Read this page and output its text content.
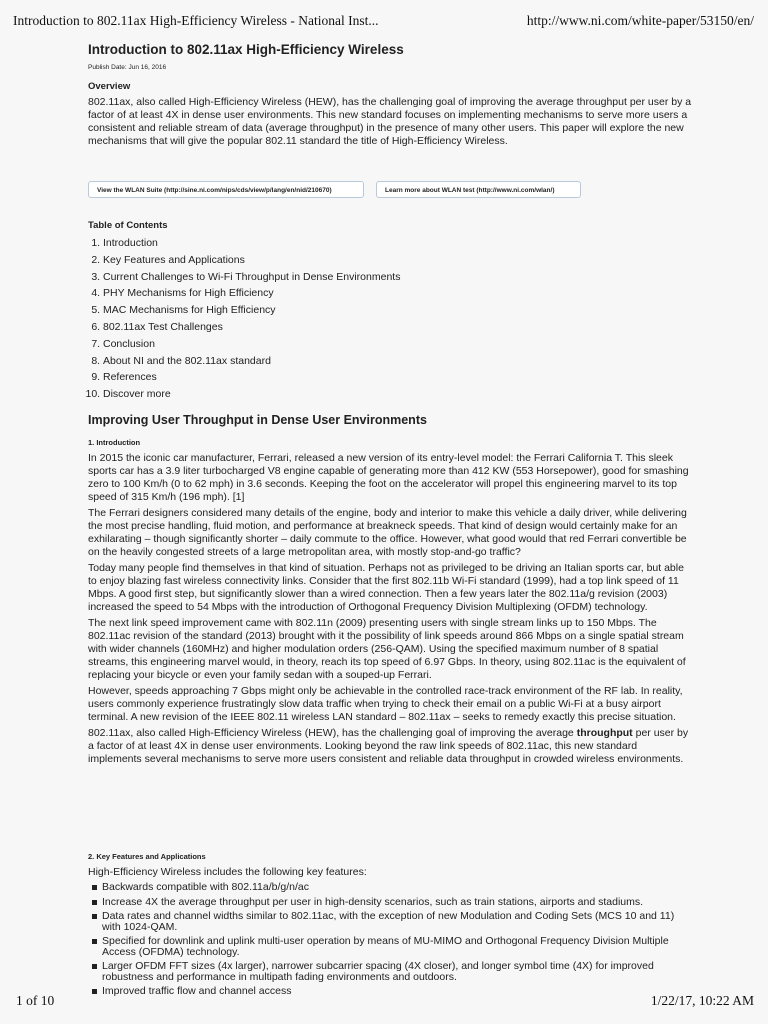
Introduction to 802.11ax High-Efficiency Wireless - National Inst...	http://www.ni.com/white-paper/53150/en/
Introduction to 802.11ax High-Efficiency Wireless
Publish Date: Jun 16, 2016
Overview

802.11ax, also called High-Efficiency Wireless (HEW), has the challenging goal of improving the average throughput per user by a factor of at least 4X in dense user environments. This new standard focuses on implementing mechanisms to serve more users a consistent and reliable stream of data (average throughput) in the presence of many other users. This paper will explore the new mechanisms that will give the popular 802.11 standard the title of High-Efficiency Wireless.

View the WLAN Suite (http://sine.ni.com/nips/cds/view/p/lang/en/nid/210670)	Learn more about WLAN test (http://www.ni.com/wlan/)
Table of Contents
1. Introduction
2. Key Features and Applications
3. Current Challenges to Wi-Fi Throughput in Dense Environments
4. PHY Mechanisms for High Efficiency
5. MAC Mechanisms for High Efficiency
6. 802.11ax Test Challenges
7. Conclusion
8. About NI and the 802.11ax standard
9. References
10. Discover more
Improving User Throughput in Dense User Environments
1. Introduction

In 2015 the iconic car manufacturer, Ferrari, released a new version of its entry-level model: the Ferrari California T. This sleek sports car has a 3.9 liter turbocharged V8 engine capable of generating more than 412 KW (553 Horsepower), good for smashing zero to 100 Km/h (0 to 62 mph) in 3.6 seconds. Keeping the foot on the accelerator will propel this engineering marvel to its top speed of 315 Km/h (196 mph). [1]

The Ferrari designers considered many details of the engine, body and interior to make this vehicle a daily driver, while delivering the most precise handling, fluid motion, and performance at breakneck speeds. That kind of design would certainly make for an exhilarating – though significantly shorter – daily commute to the office. However, what good would that red Ferrari convertible be on the heavily congested streets of a large metropolitan area, with mostly stop-and-go traffic?

Today many people find themselves in that kind of situation. Perhaps not as privileged to be driving an Italian sports car, but able to enjoy blazing fast wireless connectivity links. Consider that the first 802.11b Wi-Fi standard (1999), had a top link speed of 11 Mbps. A good first step, but significantly slower than a wired connection. Then a few years later the 802.11a/g revision (2003) increased the speed to 54 Mbps with the introduction of Orthogonal Frequency Division Multiplexing (OFDM) technology.

The next link speed improvement came with 802.11n (2009) presenting users with single stream links up to 150 Mbps. The 802.11ac revision of the standard (2013) brought with it the possibility of link speeds around 866 Mbps on a single spatial stream with wider channels (160MHz) and higher modulation orders (256-QAM). Using the specified maximum number of 8 spatial streams, this engineering marvel would, in theory, reach its top speed of 6.97 Gbps. In theory, using 802.11ac is the equivalent of replacing your bicycle or even your family sedan with a souped-up Ferrari.

However, speeds approaching 7 Gbps might only be achievable in the controlled race-track environment of the RF lab. In reality, users commonly experience frustratingly slow data traffic when trying to check their email on a public Wi-Fi at a busy airport terminal. A new revision of the IEEE 802.11 wireless LAN standard – 802.11ax – seeks to remedy exactly this precise situation.

802.11ax, also called High-Efficiency Wireless (HEW), has the challenging goal of improving the average throughput per user by a factor of at least 4X in dense user environments. Looking beyond the raw link speeds of 802.11ac, this new standard implements several mechanisms to serve more users consistent and reliable data throughput in crowded wireless environments.

2. Key Features and Applications

High-Efficiency Wireless includes the following key features:

Backwards compatible with 802.11a/b/g/n/ac
Increase 4X the average throughput per user in high-density scenarios, such as train stations, airports and stadiums.
Data rates and channel widths similar to 802.11ac, with the exception of new Modulation and Coding Sets (MCS 10 and 11) with 1024-QAM.
Specified for downlink and uplink multi-user operation by means of MU-MIMO and Orthogonal Frequency Division Multiple Access (OFDMA) technology.
Larger OFDM FFT sizes (4x larger), narrower subcarrier spacing (4X closer), and longer symbol time (4X) for improved robustness and performance in multipath fading environments and outdoors.
Improved traffic flow and channel access
1 of 10	1/22/17, 10:22 AM
